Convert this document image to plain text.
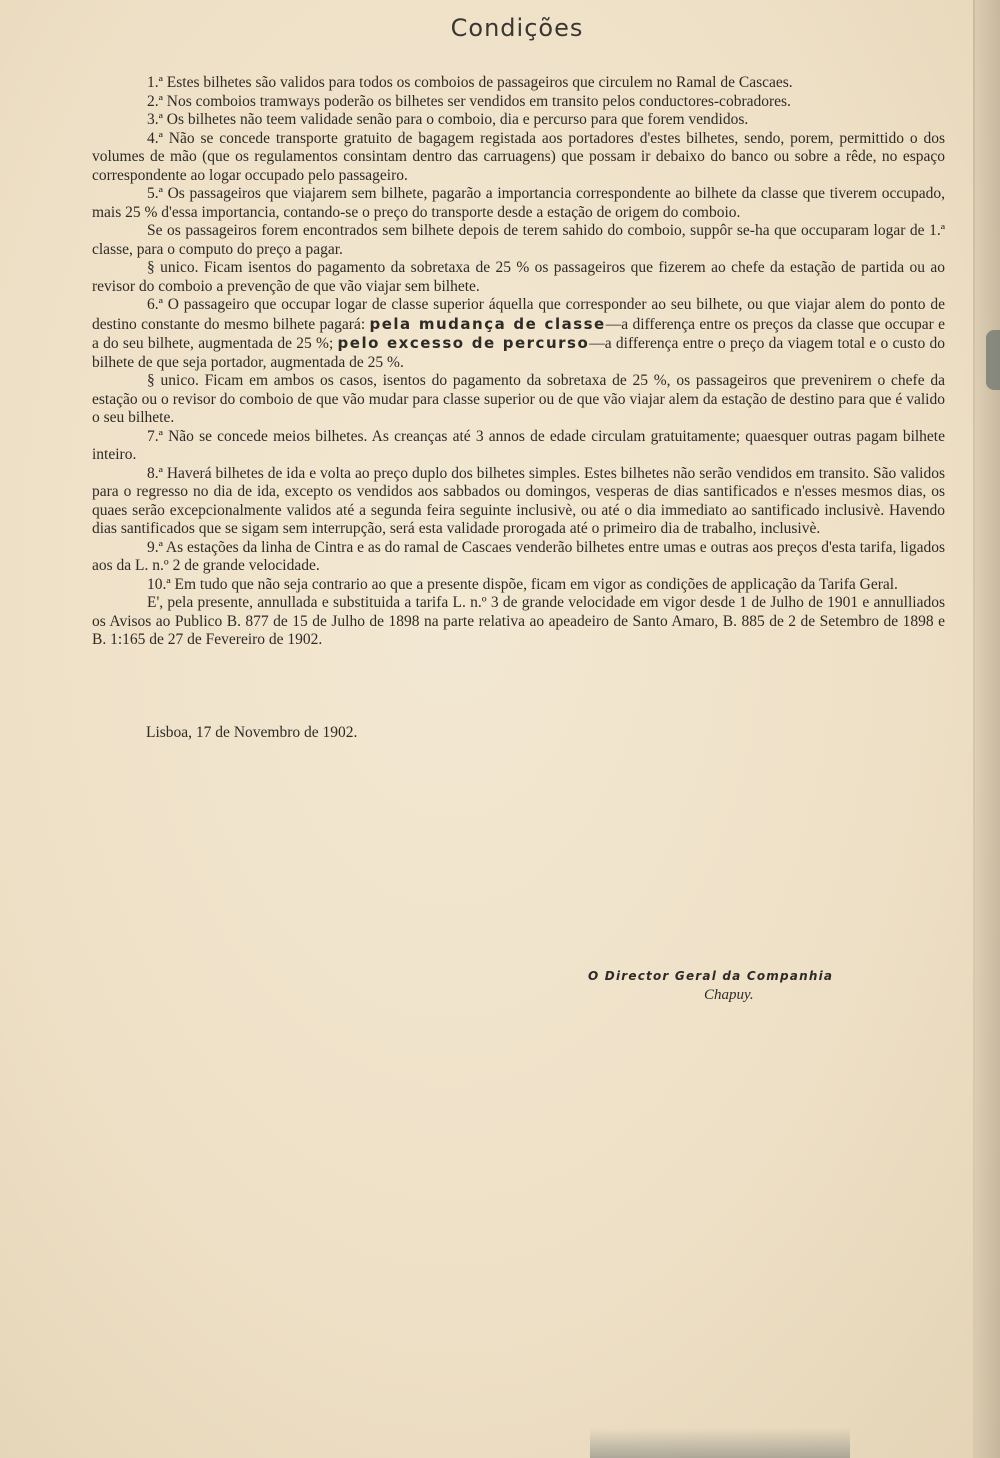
Condições

1.ª Estes bilhetes são validos para todos os comboios de passageiros que circulem no Ramal de Cascaes.

2.ª Nos comboios tramways poderão os bilhetes ser vendidos em transito pelos conductores-cobradores.

3.ª Os bilhetes não teem validade senão para o comboio, dia e percurso para que forem vendidos.

4.ª Não se concede transporte gratuito de bagagem registada aos portadores d'estes bilhetes, sendo, porem, permittido o dos volumes de mão (que os regulamentos consintam dentro das carruagens) que possam ir debaixo do banco ou sobre a rêde, no espaço correspondente ao logar occupado pelo passageiro.

5.ª Os passageiros que viajarem sem bilhete, pagarão a importancia correspondente ao bilhete da classe que tiverem occupado, mais 25 % d'essa importancia, contando-se o preço do transporte desde a estação de origem do comboio.

Se os passageiros forem encontrados sem bilhete depois de terem sahido do comboio, suppôr se-ha que occuparam logar de 1.ª classe, para o computo do preço a pagar.

§ unico. Ficam isentos do pagamento da sobretaxa de 25 % os passageiros que fizerem ao chefe da estação de partida ou ao revisor do comboio a prevenção de que vão viajar sem bilhete.

6.ª O passageiro que occupar logar de classe superior áquella que corresponder ao seu bilhete, ou que viajar alem do ponto de destino constante do mesmo bilhete pagará: pela mudança de classe—a differença entre os preços da classe que occupar e a do seu bilhete, augmentada de 25 %; pelo excesso de percurso—a differença entre o preço da viagem total e o custo do bilhete de que seja portador, augmentada de 25 %.

§ unico. Ficam em ambos os casos, isentos do pagamento da sobretaxa de 25 %, os passageiros que prevenirem o chefe da estação ou o revisor do comboio de que vão mudar para classe superior ou de que vão viajar alem da estação de destino para que é valido o seu bilhete.

7.ª Não se concede meios bilhetes. As creanças até 3 annos de edade circulam gratuitamente; quaesquer outras pagam bilhete inteiro.

8.ª Haverá bilhetes de ida e volta ao preço duplo dos bilhetes simples. Estes bilhetes não serão vendidos em transito. São validos para o regresso no dia de ida, excepto os vendidos aos sabbados ou domingos, vesperas de dias santificados e n'esses mesmos dias, os quaes serão excepcionalmente validos até a segunda feira seguinte inclusivè, ou até o dia immediato ao santificado inclusivè. Havendo dias santificados que se sigam sem interrupção, será esta validade prorogada até o primeiro dia de trabalho, inclusivè.

9.ª As estações da linha de Cintra e as do ramal de Cascaes venderão bilhetes entre umas e outras aos preços d'esta tarifa, ligados aos da L. n.º 2 de grande velocidade.

10.ª Em tudo que não seja contrario ao que a presente dispõe, ficam em vigor as condições de applicação da Tarifa Geral.

E', pela presente, annullada e substituida a tarifa L. n.º 3 de grande velocidade em vigor desde 1 de Julho de 1901 e annulliados os Avisos ao Publico B. 877 de 15 de Julho de 1898 na parte relativa ao apeadeiro de Santo Amaro, B. 885 de 2 de Setembro de 1898 e B. 1:165 de 27 de Fevereiro de 1902.

Lisboa, 17 de Novembro de 1902.
O Director Geral da Companhia
Chapuy.
